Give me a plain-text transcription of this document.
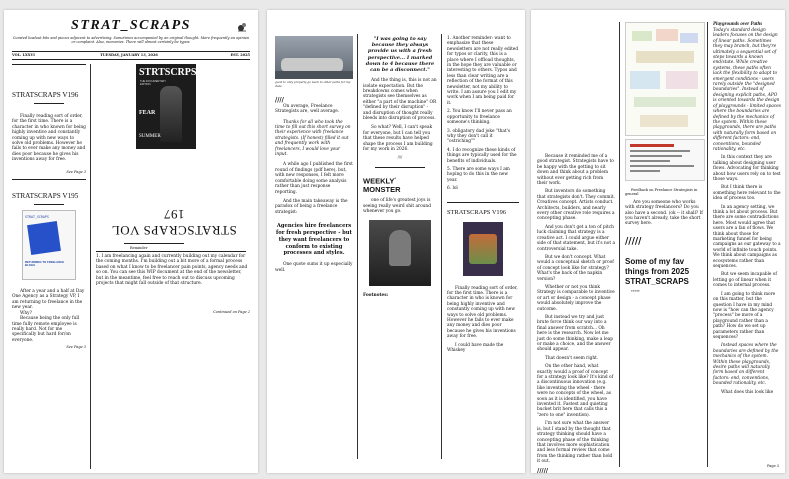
STRAT_SCRAPS
Curated leadout bits and pieces adjacent to advertising. Sometimes accompanied by an original thought. More frequently an opinion or complaint. Also, memories. There will almost certainly be typos.
VOL. LXXVI	TUESDAY, JANUARY 13, 2026	EST. 2025
STRATSCRAPS V196

Finally reading sort of order, for the first time. There is a character in who known for being highly inventive and constantly coming up with new ways to solve old problems. However he fails to ever make any money and dies poor because he gives his inventions away for free.

See Page 3
STRATSCRAPS V195
STRAT_SCRAPS
RETURNING TO FREELANCE BLOGS

After a year and a half at Day One Agency as a Strategy VP, I am returning to freelance in the new year.

Why?

Because being the only full time fully remote employee is really hard. Not for me specifically but hard for/on everyone.

See Page 3
STRTSCRPS
THE DOCUMENTARY EDITION
FEAR
SUMMER
STRATSCRAPS VOL 197
Reminder

1. I am freelancing again and currently building out my calendar for the coming months. I'm building out a bit more of a formal process based on what I know to be freelancer pain points, agency needs and so on. You can see this WIP document at the end of the newsletter, but in the meantime, feel free to reach out to discuss upcoming projects that might fall outside of that structure.

Continued on Page 2
good to only properly go back to other parts for my data.
////

On average, Freelance Strategists are, well average.

Thanks for all who took the time to fill out this short survey on their experience with freelance strategists. (If honest) filled it out and frequently work with freelancers, I would love your input.

A while ago I published the first round of findings (pdf here), but, with new responses, I felt more comfortable doing some analysis rather than just response reporting.

And the main takeaway is the paradox of being a freelance strategist:

Agencies hire freelancers for fresh perspective - but they want freelancers to conform to existing processes and styles.

One quote sums it up especially well.

"I was going to say because they always provide us with a fresh perspective... I marked down to 4 because there can be a disconnect."

And the thing is, this is not an isolate expectation. But the breakdowns comes when strategists see themselves as either "a part of the machine" OR "defined by their disruption" - and disruption of thought really bleeds into disruption of process.

So what? Well, I can't speak for everyone, but I can tell you that these results have helped shape the process I am building for my work in 2026.

////
WEEKLY*
MONSTER

one of life's greatest joys is seeing really weird shit around whenever you go.

Footnotes:

1. Another reminder: want to emphasize that these newsletters are not really edited for typos or clarity, this is a place where I offload thoughts, in the hope they are valuable or interesting to others. Typos and less than clear writing are a reflection of the format of this newsletter, not my ability to write. I am assure you I edit my work when I am being paid for it.

2. You know I'll never pass an opportunity to freelance someone's thinking.

3. obligatory dad joke "that's why they don't call it "ostriching""

4. I do recognize these kinds of things are typically used for the benefits of individuals.

5. There are some ways I am hoping to do this in the new year.

6. lol

STRATSCRAPS V196

Finally reading sort of order, for the first time. There is a character in who is known for being highly inventive and constantly coming up with new ways to solve old problems. However he fails to ever make any money and dies poor because he gives his inventions away for free.

I could have made the Whiskey

Because it reminded me of a good strategist. Strategists have to be happy with the getting to sit down and think about a problem without ever getting rich from their work.

But inventors do something that strategists don't. They commit. Creatives concept. Artists conduct. Architects, builders, and nearly every other creative role requires a concepting phase.

And you don't get a ton of pitch luck claiming that strategy is a creative act. I could argue either side of that statement, but it's not a controversial take.

But we don't concept. What would a conceptual sketch or proof of concept look like for strategy? What's the back of the napkin version?

Whether or not you think Strategy is comparable to inventive or art or design - a concept phase would absolutely improve the outcome.

But instead we try and just brute force think our way into a final answer from scratch... Oh here is the research. Now let me just do some thinking, make a leap or make a choice, and the answer should appear.

That doesn't seem right.

On the other hand, what exactly would a proof of concept for a strategy look like? It's kind of a discontinuous innovation (e.g. like inventing the wheel - there were no concepts of the wheel, as soon as it is identified, you have invented it. Fastest and quieting bucket brit here that calls this a "zero to one" invention).

I'm not sure what the answer is, but I stand by the thought that strategy thinking should have a concepting phase of the thinking that involves more sophistication and less formal review that come from the thinking rather than hold it out.

/////
Feedback on Freelance Strategists in general

Are you someone who works with strategy freelancers? Do you also have a second. (ok -- it shall? If you haven't already, take the short survey here.

/////
Some of my fav things from 2025 STRAT_SCRAPS
*****
Playgrounds over Paths

Today's standard design leaders focuses on the design of linear paths. Sometimes they may branch, but they're ultimately a sequential set of steps towards a known end/state. While creative systems, these paths often lack the flexibility to adapt to emergent conditions - users rarely outside the "designed boundaries". Instead of designing explicit paths, APO is oriented towards the design of playgrounds - limited spaces where the boundaries are defined by the mechanics of the system. Within these playgrounds, there are paths with naturally form based on different factors: end, conventions, bounded rationality, etc.

In this context they are talking about designing user flows. Advocating for thinking about how users rely on to test those ways.

But I think there is something here relevant to the idea of process too.

In an agency setting, we think a lot about process. But there are some contradictions here. Most would agree that users are a fan of flows. We think about those for marketing funnel for being campaigns as our gateway to a world of infinite touch points. We think about campaigns as ecosystems rather than sequences.

But we seem incapable of letting go of linear when it comes to internal process.

I am going to think more on this matter, but the question I have in my mind now is "how can the agency "process" be more of a playground rather than a path? How do we set up parameters rather than sequences?

Instead spaces where the boundaries are defined by the mechanics of the system. Within these playgrounds, desire paths will naturally form based on different factors: end, conventions, bounded rationality, etc.

What does this look like

Page 3
